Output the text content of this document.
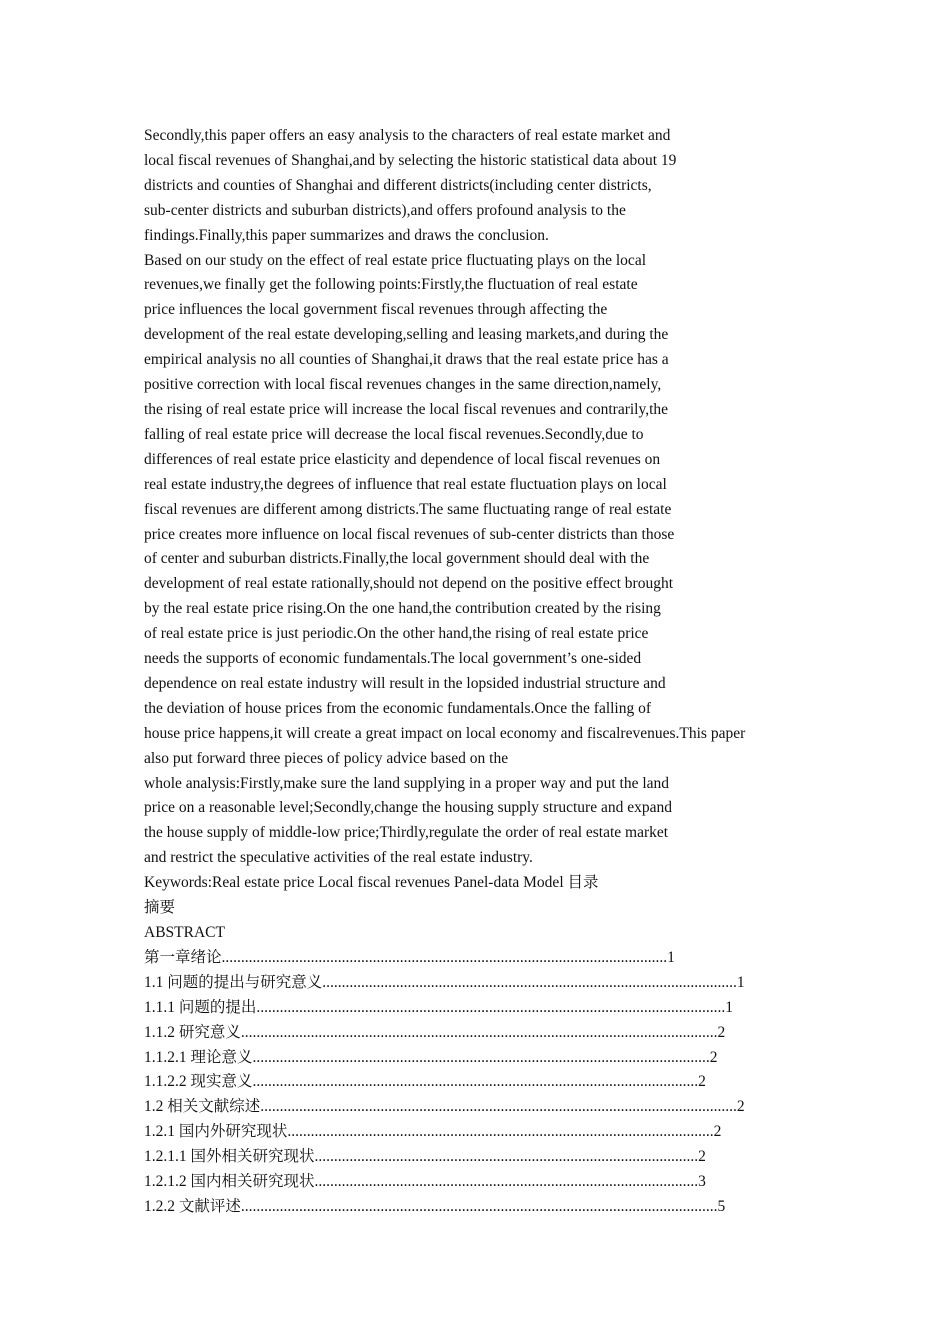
Secondly,this paper offers an easy analysis to the characters of real estate market and
local fiscal revenues of Shanghai,and by selecting the historic statistical data about 19
districts and counties of Shanghai and different districts(including center districts,
sub-center districts and suburban districts),and offers profound analysis to the
findings.Finally,this paper summarizes and draws the conclusion.
Based on our study on the effect of real estate price fluctuating plays on the local
revenues,we finally get the following points:Firstly,the fluctuation of real estate
price influences the local government fiscal revenues through affecting the
development of the real estate developing,selling and leasing markets,and during the
empirical analysis no all counties of Shanghai,it draws that the real estate price has a
positive correction with local fiscal revenues changes in the same direction,namely,
the rising of real estate price will increase the local fiscal revenues and contrarily,the
falling of real estate price will decrease the local fiscal revenues.Secondly,due to
differences of real estate price elasticity and dependence of local fiscal revenues on
real estate industry,the degrees of influence that real estate fluctuation plays on local
fiscal revenues are different among districts.The same fluctuating range of real estate
price creates more influence on local fiscal revenues of sub-center districts than those
of center and suburban districts.Finally,the local government should deal with the
development of real estate rationally,should not depend on the positive effect brought
by the real estate price rising.On the one hand,the contribution created by the rising
of real estate price is just periodic.On the other hand,the rising of real estate price
needs the supports of economic fundamentals.The local government’s one-sided
dependence on real estate industry will result in the lopsided industrial structure and
the deviation of house prices from the economic fundamentals.Once the falling of
house price happens,it will create a great impact on local economy and fiscalrevenues.This paper
also put forward three pieces of policy advice based on the
whole analysis:Firstly,make sure the land supplying in a proper way and put the land
price on a reasonable level;Secondly,change the housing supply structure and expand
the house supply of middle-low price;Thirdly,regulate the order of real estate market
and restrict the speculative activities of the real estate industry.
Keywords:Real estate price Local fiscal revenues Panel-data Model 目录
摘要
ABSTRACT
第一章绪论...................................................................................................................1
1.1 问题的提出与研究意义...........................................................................................................1
1.1.1 问题的提出.........................................................................................................................1
1.1.2 研究意义...........................................................................................................................2
1.1.2.1 理论意义......................................................................................................................2
1.1.2.2 现实意义...................................................................................................................2
1.2 相关文献综述...........................................................................................................................2
1.2.1 国内外研究现状..............................................................................................................2
1.2.1.1 国外相关研究现状...................................................................................................2
1.2.1.2 国内相关研究现状...................................................................................................3
1.2.2 文献评述...........................................................................................................................5
